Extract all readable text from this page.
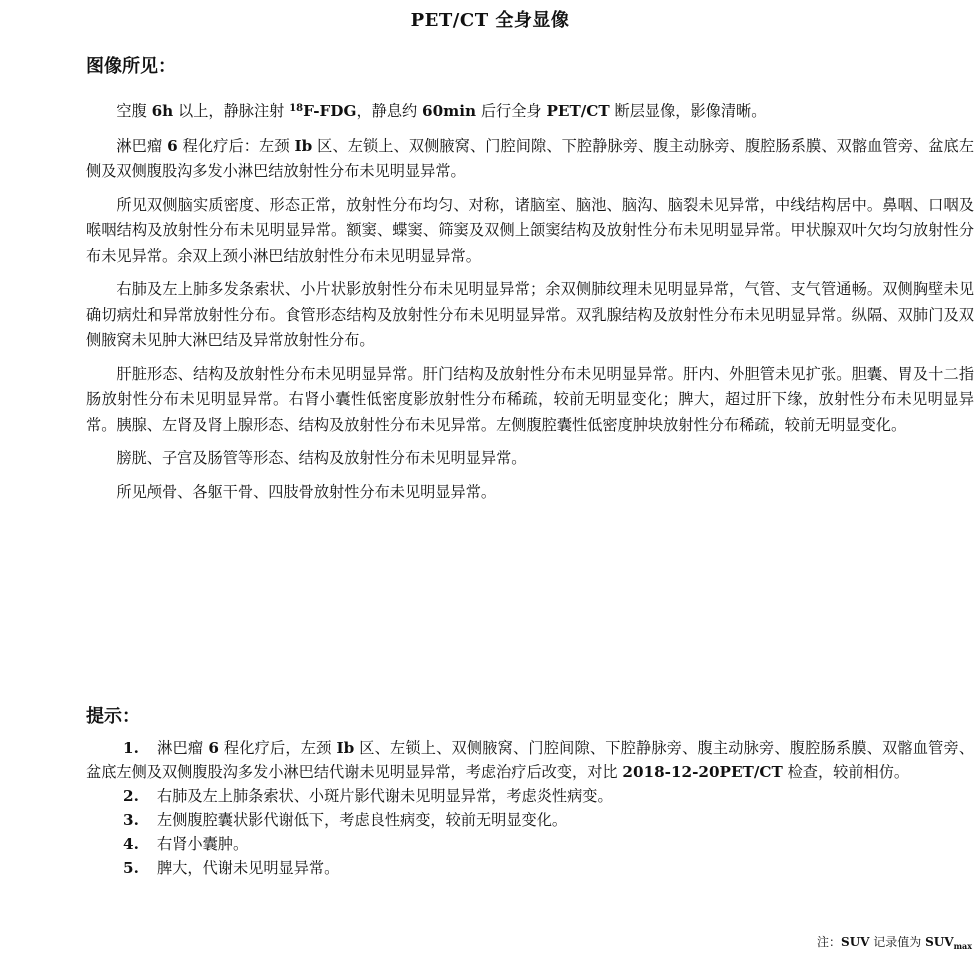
PET/CT 全身显像
图像所见：

空腹 6h 以上，静脉注射 $^{18}$F-FDG，静息约 60min 后行全身 PET/CT 断层显像，影像清晰。

淋巴瘤 6 程化疗后：左颈 Ib 区、左锁上、双侧腋窝、门腔间隙、下腔静脉旁、腹主动脉旁、腹腔肠系膜、双髂血管旁、盆底左侧及双侧腹股沟多发小淋巴结放射性分布未见明显异常。

所见双侧脑实质密度、形态正常，放射性分布均匀、对称，诸脑室、脑池、脑沟、脑裂未见异常，中线结构居中。鼻咽、口咽及喉咽结构及放射性分布未见明显异常。额窦、蝶窦、筛窦及双侧上颌窦结构及放射性分布未见明显异常。甲状腺双叶欠均匀放射性分布未见异常。余双上颈小淋巴结放射性分布未见明显异常。

右肺及左上肺多发条索状、小片状影放射性分布未见明显异常；余双侧肺纹理未见明显异常，气管、支气管通畅。双侧胸壁未见确切病灶和异常放射性分布。食管形态结构及放射性分布未见明显异常。双乳腺结构及放射性分布未见明显异常。纵隔、双肺门及双侧腋窝未见肿大淋巴结及异常放射性分布。

肝脏形态、结构及放射性分布未见明显异常。肝门结构及放射性分布未见明显异常。肝内、外胆管未见扩张。胆囊、胃及十二指肠放射性分布未见明显异常。右肾小囊性低密度影放射性分布稀疏，较前无明显变化；脾大，超过肝下缘，放射性分布未见明显异常。胰腺、左肾及肾上腺形态、结构及放射性分布未见异常。左侧腹腔囊性低密度肿块放射性分布稀疏，较前无明显变化。

膀胱、子宫及肠管等形态、结构及放射性分布未见明显异常。

所见颅骨、各躯干骨、四肢骨放射性分布未见明显异常。

提示：
1. 淋巴瘤 6 程化疗后，左颈 Ib 区、左锁上、双侧腋窝、门腔间隙、下腔静脉旁、腹主动脉旁、腹腔肠系膜、双髂血管旁、盆底左侧及双侧腹股沟多发小淋巴结代谢未见明显异常，考虑治疗后改变，对比 2018-12-20PET/CT 检查，较前相仿。
2. 右肺及左上肺条索状、小斑片影代谢未见明显异常，考虑炎性病变。
3. 左侧腹腔囊状影代谢低下，考虑良性病变，较前无明显变化。
4. 右肾小囊肿。
5. 脾大，代谢未见明显异常。
注：SUV 记录值为 $SUV_{max}$
